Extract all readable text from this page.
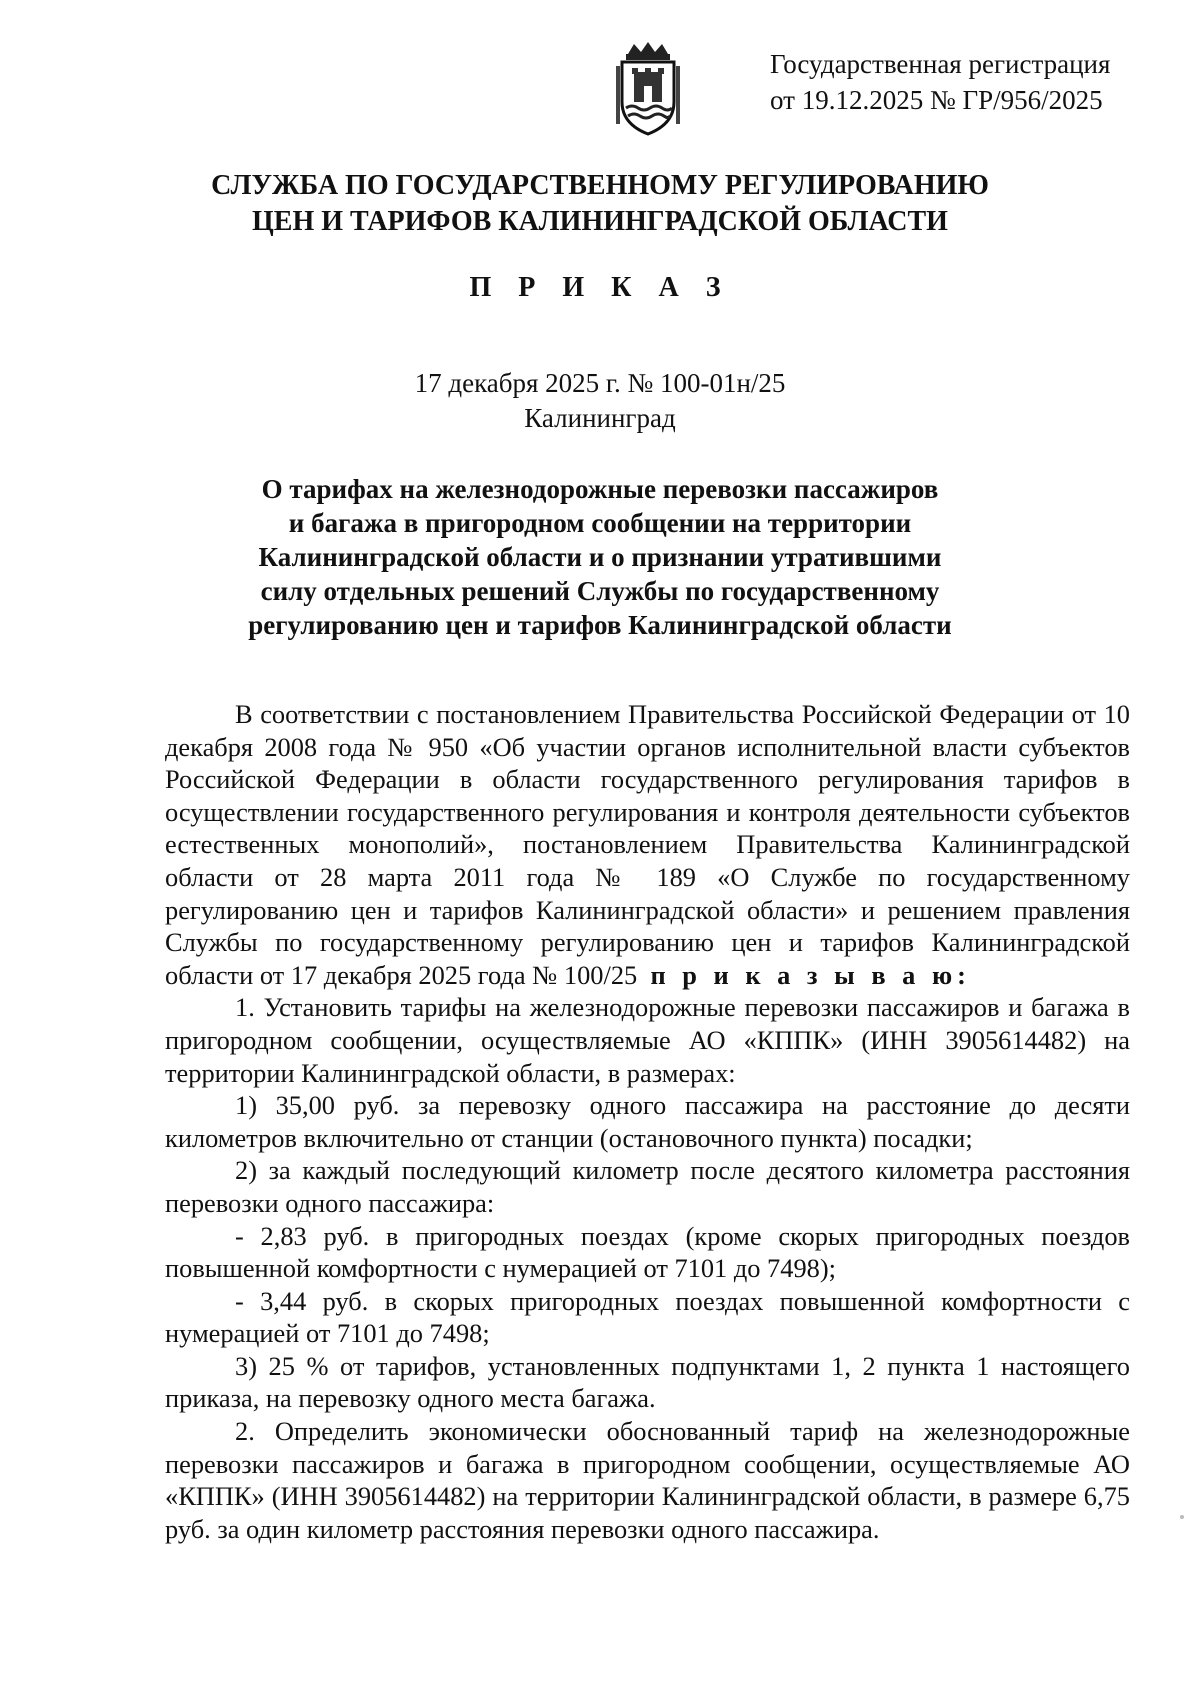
Государственная регистрация
от 19.12.2025 № ГР/956/2025
СЛУЖБА ПО ГОСУДАРСТВЕННОМУ РЕГУЛИРОВАНИЮ
ЦЕН И ТАРИФОВ КАЛИНИНГРАДСКОЙ ОБЛАСТИ
П Р И К А З
17 декабря 2025 г. № 100-01н/25
Калининград
О тарифах на железнодорожные перевозки пассажиров
и багажа в пригородном сообщении на территории
Калининградской области и о признании утратившими
силу отдельных решений Службы по государственному
регулированию цен и тарифов Калининградской области

В соответствии с постановлением Правительства Российской Федерации от 10 декабря 2008 года № 950 «Об участии органов исполнительной власти субъектов Российской Федерации в области государственного регулирования тарифов в осуществлении государственного регулирования и контроля деятельности субъектов естественных монополий», постановлением Правительства Калининградской области от 28 марта 2011 года № 189 «О Службе по государственному регулированию цен и тарифов Калининградской области» и решением правления Службы по государственному регулированию цен и тарифов Калининградской области от 17 декабря 2025 года № 100/25 п р и к а з ы в а ю:

1. Установить тарифы на железнодорожные перевозки пассажиров и багажа в пригородном сообщении, осуществляемые АО «КППК» (ИНН 3905614482) на территории Калининградской области, в размерах:

1) 35,00 руб. за перевозку одного пассажира на расстояние до десяти километров включительно от станции (остановочного пункта) посадки;

2) за каждый последующий километр после десятого километра расстояния перевозки одного пассажира:

- 2,83 руб. в пригородных поездах (кроме скорых пригородных поездов повышенной комфортности с нумерацией от 7101 до 7498);

- 3,44 руб. в скорых пригородных поездах повышенной комфортности с нумерацией от 7101 до 7498;

3) 25 % от тарифов, установленных подпунктами 1, 2 пункта 1 настоящего приказа, на перевозку одного места багажа.

2. Определить экономически обоснованный тариф на железнодорожные перевозки пассажиров и багажа в пригородном сообщении, осуществляемые АО «КППК» (ИНН 3905614482) на территории Калининградской области, в размере 6,75 руб. за один километр расстояния перевозки одного пассажира.
